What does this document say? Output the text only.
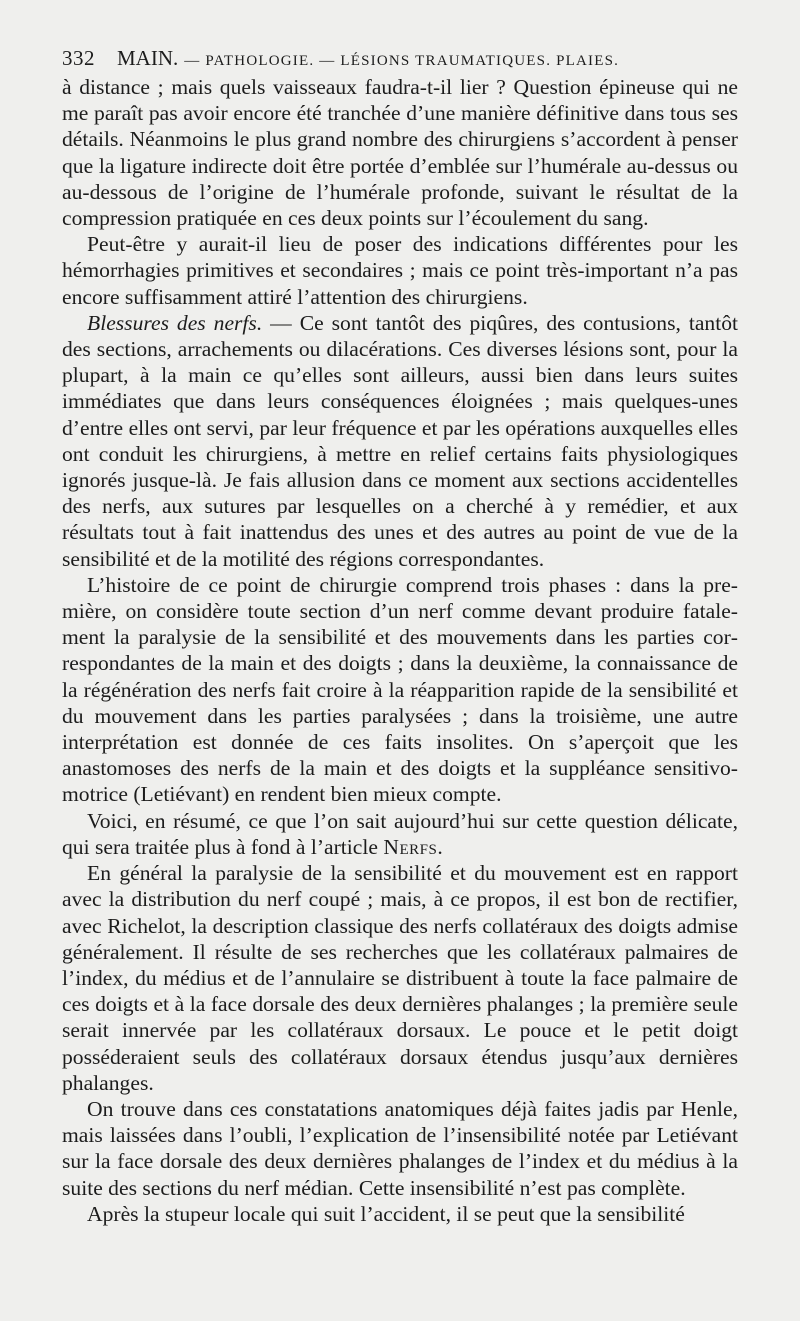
332 MAIN. — PATHOLOGIE. — LÉSIONS TRAUMATIQUES. PLAIES.

à distance ; mais quels vaisseaux faudra-t-il lier ? Question épineuse qui ne me paraît pas avoir encore été tranchée d’une manière définitive dans tous ses détails. Néanmoins le plus grand nombre des chirurgiens s’accordent à penser que la ligature indirecte doit être portée d’emblée sur l’humérale au-dessus ou au-dessous de l’origine de l’humérale profonde, suivant le résultat de la compression pratiquée en ces deux points sur l’écoulement du sang.

Peut-être y aurait-il lieu de poser des indications différentes pour les hémorrhagies primitives et secondaires ; mais ce point très-important n’a pas encore suffisamment attiré l’attention des chirurgiens.

Blessures des nerfs. — Ce sont tantôt des piqûres, des contusions, tantôt des sections, arrachements ou dilacérations. Ces diverses lésions sont, pour la plupart, à la main ce qu’elles sont ailleurs, aussi bien dans leurs suites immédiates que dans leurs conséquences éloignées ; mais quelques-unes d’entre elles ont servi, par leur fréquence et par les opérations auxquelles elles ont conduit les chirurgiens, à mettre en relief certains faits physiologiques ignorés jusque-là. Je fais allusion dans ce moment aux sections accidentelles des nerfs, aux sutures par lesquelles on a cherché à y remédier, et aux résultats tout à fait inattendus des unes et des autres au point de vue de la sensibilité et de la motilité des régions correspondantes.

L’histoire de ce point de chirurgie comprend trois phases : dans la première, on considère toute section d’un nerf comme devant produire fatalement la paralysie de la sensibilité et des mouvements dans les parties correspondantes de la main et des doigts ; dans la deuxième, la connaissance de la régénération des nerfs fait croire à la réapparition rapide de la sensibilité et du mouvement dans les parties paralysées ; dans la troisième, une autre interprétation est donnée de ces faits insolites. On s’aperçoit que les anastomoses des nerfs de la main et des doigts et la suppléance sensitivo-motrice (Letiévant) en rendent bien mieux compte.

Voici, en résumé, ce que l’on sait aujourd’hui sur cette question délicate, qui sera traitée plus à fond à l’article Nerfs.

En général la paralysie de la sensibilité et du mouvement est en rapport avec la distribution du nerf coupé ; mais, à ce propos, il est bon de rectifier, avec Richelot, la description classique des nerfs collatéraux des doigts admise généralement. Il résulte de ses recherches que les collatéraux palmaires de l’index, du médius et de l’annulaire se distribuent à toute la face palmaire de ces doigts et à la face dorsale des deux dernières phalanges ; la première seule serait innervée par les collatéraux dorsaux. Le pouce et le petit doigt posséderaient seuls des collatéraux dorsaux étendus jusqu’aux dernières phalanges.

On trouve dans ces constatations anatomiques déjà faites jadis par Henle, mais laissées dans l’oubli, l’explication de l’insensibilité notée par Letiévant sur la face dorsale des deux dernières phalanges de l’index et du médius à la suite des sections du nerf médian. Cette insensibilité n’est pas complète.

Après la stupeur locale qui suit l’accident, il se peut que la sensibilité
